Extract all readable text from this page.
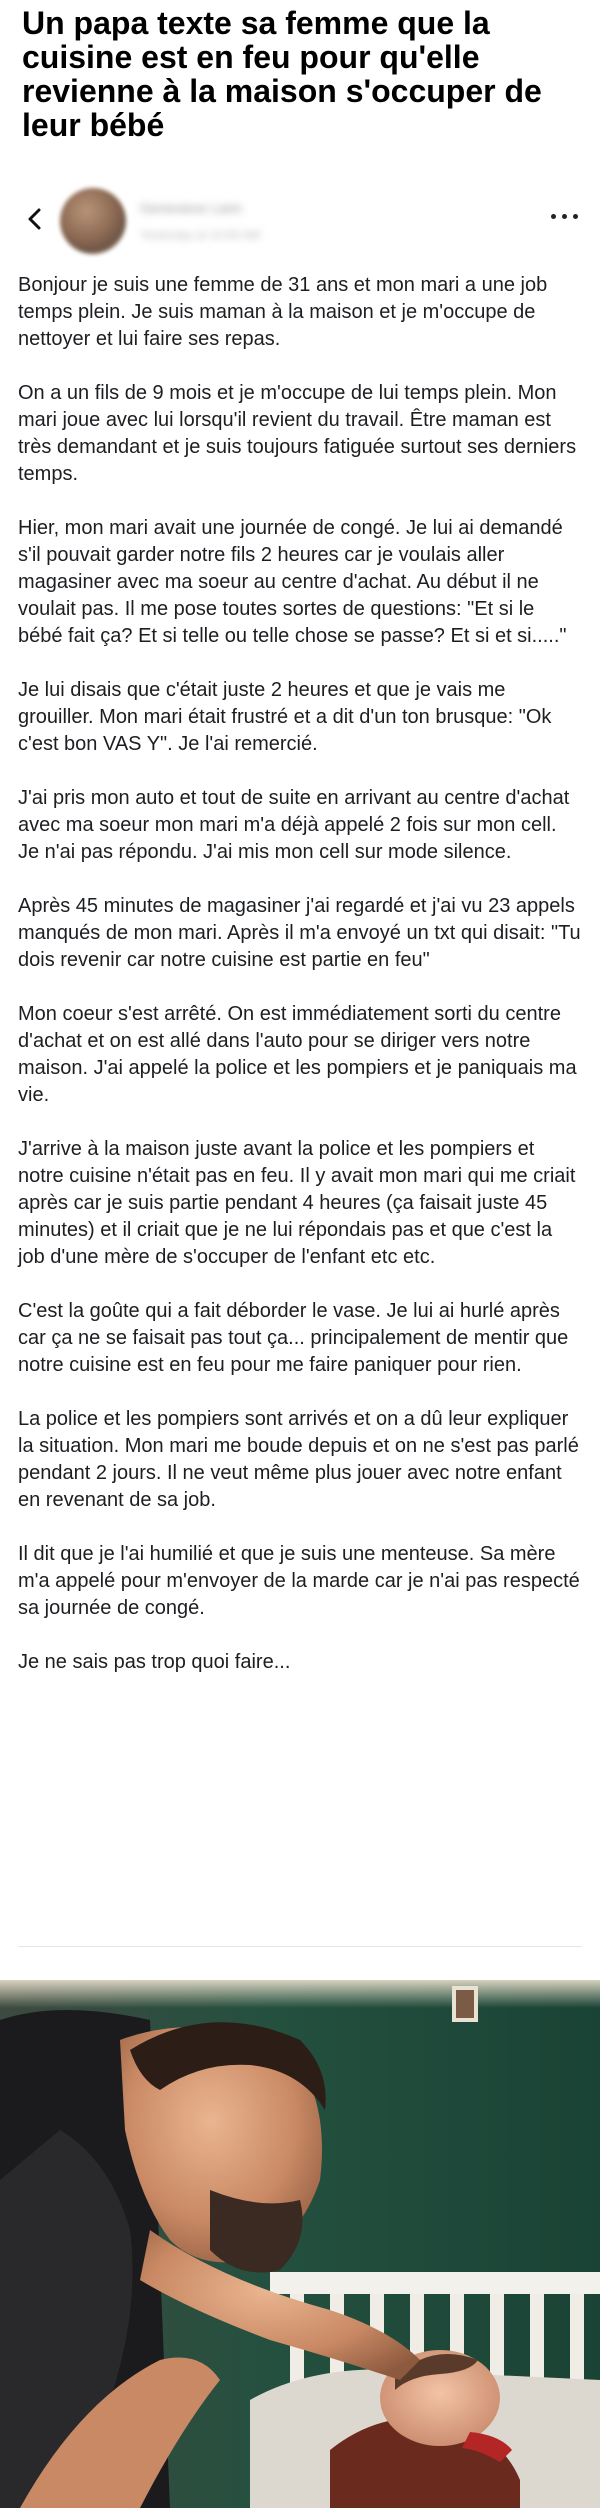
Un papa texte sa femme que la cuisine est en feu pour qu'elle revienne à la maison s'occuper de leur bébé
Genevieve Larin
Yesterday at 10:05 AM

Bonjour je suis une femme de 31 ans et mon mari a une job temps plein. Je suis maman à la maison et je m'occupe de nettoyer et lui faire ses repas.

On a un fils de 9 mois et je m'occupe de lui temps plein. Mon mari joue avec lui lorsqu'il revient du travail. Être maman est très demandant et je suis toujours fatiguée surtout ses derniers temps.

Hier, mon mari avait une journée de congé. Je lui ai demandé s'il pouvait garder notre fils 2 heures car je voulais aller magasiner avec ma soeur au centre d'achat. Au début il ne voulait pas. Il me pose toutes sortes de questions: "Et si le bébé fait ça? Et si telle ou telle chose se passe? Et si et si....."

Je lui disais que c'était juste 2 heures et que je vais me grouiller. Mon mari était frustré et a dit d'un ton brusque: "Ok c'est bon VAS Y". Je l'ai remercié.

J'ai pris mon auto et tout de suite en arrivant au centre d'achat avec ma soeur mon mari m'a déjà appelé 2 fois sur mon cell. Je n'ai pas répondu. J'ai mis mon cell sur mode silence.

Après 45 minutes de magasiner j'ai regardé et j'ai vu 23 appels manqués de mon mari. Après il m'a envoyé un txt qui disait: "Tu dois revenir car notre cuisine est partie en feu"

Mon coeur s'est arrêté. On est immédiatement sorti du centre d'achat et on est allé dans l'auto pour se diriger vers notre maison. J'ai appelé la police et les pompiers et je paniquais ma vie.

J'arrive à la maison juste avant la police et les pompiers et notre cuisine n'était pas en feu. Il y avait mon mari qui me criait après car je suis partie pendant 4 heures (ça faisait juste 45 minutes) et il criait que je ne lui répondais pas et que c'est la job d'une mère de s'occuper de l'enfant etc etc.

C'est la goûte qui a fait déborder le vase. Je lui ai hurlé après car ça ne se faisait pas tout ça... principalement de mentir que notre cuisine est en feu pour me faire paniquer pour rien.

La police et les pompiers sont arrivés et on a dû leur expliquer la situation. Mon mari me boude depuis et on ne s'est pas parlé pendant 2 jours. Il ne veut même plus jouer avec notre enfant en revenant de sa job.

Il dit que je l'ai humilié et que je suis une menteuse. Sa mère m'a appelé pour m'envoyer de la marde car je n'ai pas respecté sa journée de congé.

Je ne sais pas trop quoi faire...
